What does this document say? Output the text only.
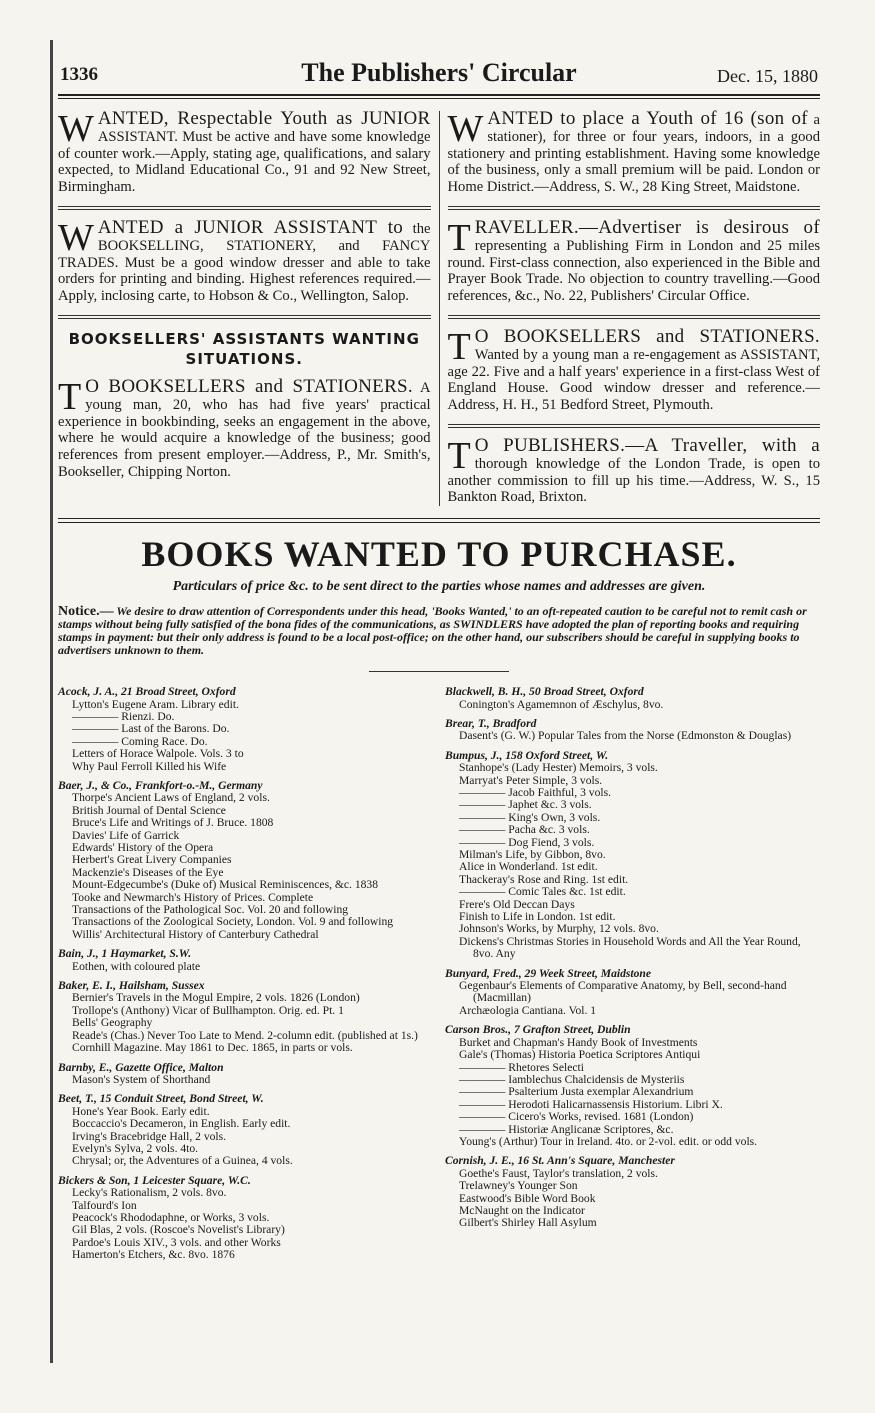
1336	The Publishers' Circular	Dec. 15, 1880
WANTED, Respectable Youth as JUNIOR ASSISTANT. Must be active and have some knowledge of counter work.—Apply, stating age, qualifications, and salary expected, to Midland Educational Co., 91 and 92 New Street, Birmingham.
WANTED a JUNIOR ASSISTANT to the BOOKSELLING, STATIONERY, and FANCY TRADES. Must be a good window dresser and able to take orders for printing and binding. Highest references required.—Apply, inclosing carte, to Hobson & Co., Wellington, Salop.
BOOKSELLERS' ASSISTANTS WANTING SITUATIONS.
T O BOOKSELLERS and STATIONERS. A young man, 20, who has had five years' practical experience in bookbinding, seeks an engagement in the above, where he would acquire a knowledge of the business; good references from present employer.—Address, P., Mr. Smith's, Bookseller, Chipping Norton.
WANTED to place a Youth of 16 (son of a stationer), for three or four years, indoors, in a good stationery and printing establishment. Having some knowledge of the business, only a small premium will be paid. London or Home District.—Address, S. W., 28 King Street, Maidstone.
TRAVELLER.—Advertiser is desirous of representing a Publishing Firm in London and 25 miles round. First-class connection, also experienced in the Bible and Prayer Book Trade. No objection to country travelling.—Good references, &c., No. 22, Publishers' Circular Office.
T O BOOKSELLERS and STATIONERS. Wanted by a young man a re-engagement as ASSISTANT, age 22. Five and a half years' experience in a first-class West of England House. Good window dresser and reference.—Address, H. H., 51 Bedford Street, Plymouth.
T O PUBLISHERS.—A Traveller, with a thorough knowledge of the London Trade, is open to another commission to fill up his time.—Address, W. S., 15 Bankton Road, Brixton.
BOOKS WANTED TO PURCHASE.
Particulars of price &c. to be sent direct to the parties whose names and addresses are given.
Notice.— We desire to draw attention of Correspondents under this head, 'Books Wanted,' to an oft-repeated caution to be careful not to remit cash or stamps without being fully satisfied of the bona fides of the communications, as SWINDLERS have adopted the plan of reporting books and requiring stamps in payment: but their only address is found to be a local post-office; on the other hand, our subscribers should be careful in supplying books to advertisers unknown to them.
Acock, J. A., 21 Broad Street, Oxford
Lytton's Eugene Aram. Library edit.
———— Rienzi. Do.
———— Last of the Barons. Do.
———— Coming Race. Do.
Letters of Horace Walpole. Vols. 3 to
Why Paul Ferroll Killed his Wife
Baer, J., & Co., Frankfort-o.-M., Germany
Thorpe's Ancient Laws of England, 2 vols.
British Journal of Dental Science
Bruce's Life and Writings of J. Bruce. 1808
Davies' Life of Garrick
Edwards' History of the Opera
Herbert's Great Livery Companies
Mackenzie's Diseases of the Eye
Mount-Edgecumbe's (Duke of) Musical Reminiscences, &c. 1838
Tooke and Newmarch's History of Prices. Complete
Transactions of the Pathological Soc. Vol. 20 and following
Transactions of the Zoological Society, London. Vol. 9 and following
Willis' Architectural History of Canterbury Cathedral
Bain, J., 1 Haymarket, S.W.
Eothen, with coloured plate
Baker, E. I., Hailsham, Sussex
Bernier's Travels in the Mogul Empire, 2 vols. 1826 (London)
Trollope's (Anthony) Vicar of Bullhampton. Orig. ed. Pt. 1
Bells' Geography
Reade's (Chas.) Never Too Late to Mend. 2-column edit. (published at 1s.)
Cornhill Magazine. May 1861 to Dec. 1865, in parts or vols.
Barnby, E., Gazette Office, Malton
Mason's System of Shorthand
Beet, T., 15 Conduit Street, Bond Street, W.
Hone's Year Book. Early edit.
Boccaccio's Decameron, in English. Early edit.
Irving's Bracebridge Hall, 2 vols.
Evelyn's Sylva, 2 vols. 4to.
Chrysal; or, the Adventures of a Guinea, 4 vols.
Bickers & Son, 1 Leicester Square, W.C.
Lecky's Rationalism, 2 vols. 8vo.
Talfourd's Ion
Peacock's Rhododaphne, or Works, 3 vols.
Gil Blas, 2 vols. (Roscoe's Novelist's Library)
Pardoe's Louis XIV., 3 vols. and other Works
Hamerton's Etchers, &c. 8vo. 1876
Blackwell, B. H., 50 Broad Street, Oxford
Conington's Agamemnon of Æschylus, 8vo.
Brear, T., Bradford
Dasent's (G. W.) Popular Tales from the Norse (Edmonston & Douglas)
Bumpus, J., 158 Oxford Street, W.
Stanhope's (Lady Hester) Memoirs, 3 vols.
Marryat's Peter Simple, 3 vols.
———— Jacob Faithful, 3 vols.
———— Japhet &c. 3 vols.
———— King's Own, 3 vols.
———— Pacha &c. 3 vols.
———— Dog Fiend, 3 vols.
Milman's Life, by Gibbon, 8vo.
Alice in Wonderland. 1st edit.
Thackeray's Rose and Ring. 1st edit.
———— Comic Tales &c. 1st edit.
Frere's Old Deccan Days
Finish to Life in London. 1st edit.
Johnson's Works, by Murphy, 12 vols. 8vo.
Dickens's Christmas Stories in Household Words and All the Year Round, 8vo. Any
Bunyard, Fred., 29 Week Street, Maidstone
Gegenbaur's Elements of Comparative Anatomy, by Bell, second-hand (Macmillan)
Archæologia Cantiana. Vol. 1
Carson Bros., 7 Grafton Street, Dublin
Burket and Chapman's Handy Book of Investments
Gale's (Thomas) Historia Poetica Scriptores Antiqui
———— Rhetores Selecti
———— Iamblechus Chalcidensis de Mysteriis
———— Psalterium Justa exemplar Alexandrium
———— Herodoti Halicarnassensis Historium. Libri X.
———— Cicero's Works, revised. 1681 (London)
———— Historiæ Anglicanæ Scriptores, &c.
Young's (Arthur) Tour in Ireland. 4to. or 2-vol. edit. or odd vols.
Cornish, J. E., 16 St. Ann's Square, Manchester
Goethe's Faust, Taylor's translation, 2 vols.
Trelawney's Younger Son
Eastwood's Bible Word Book
McNaught on the Indicator
Gilbert's Shirley Hall Asylum
